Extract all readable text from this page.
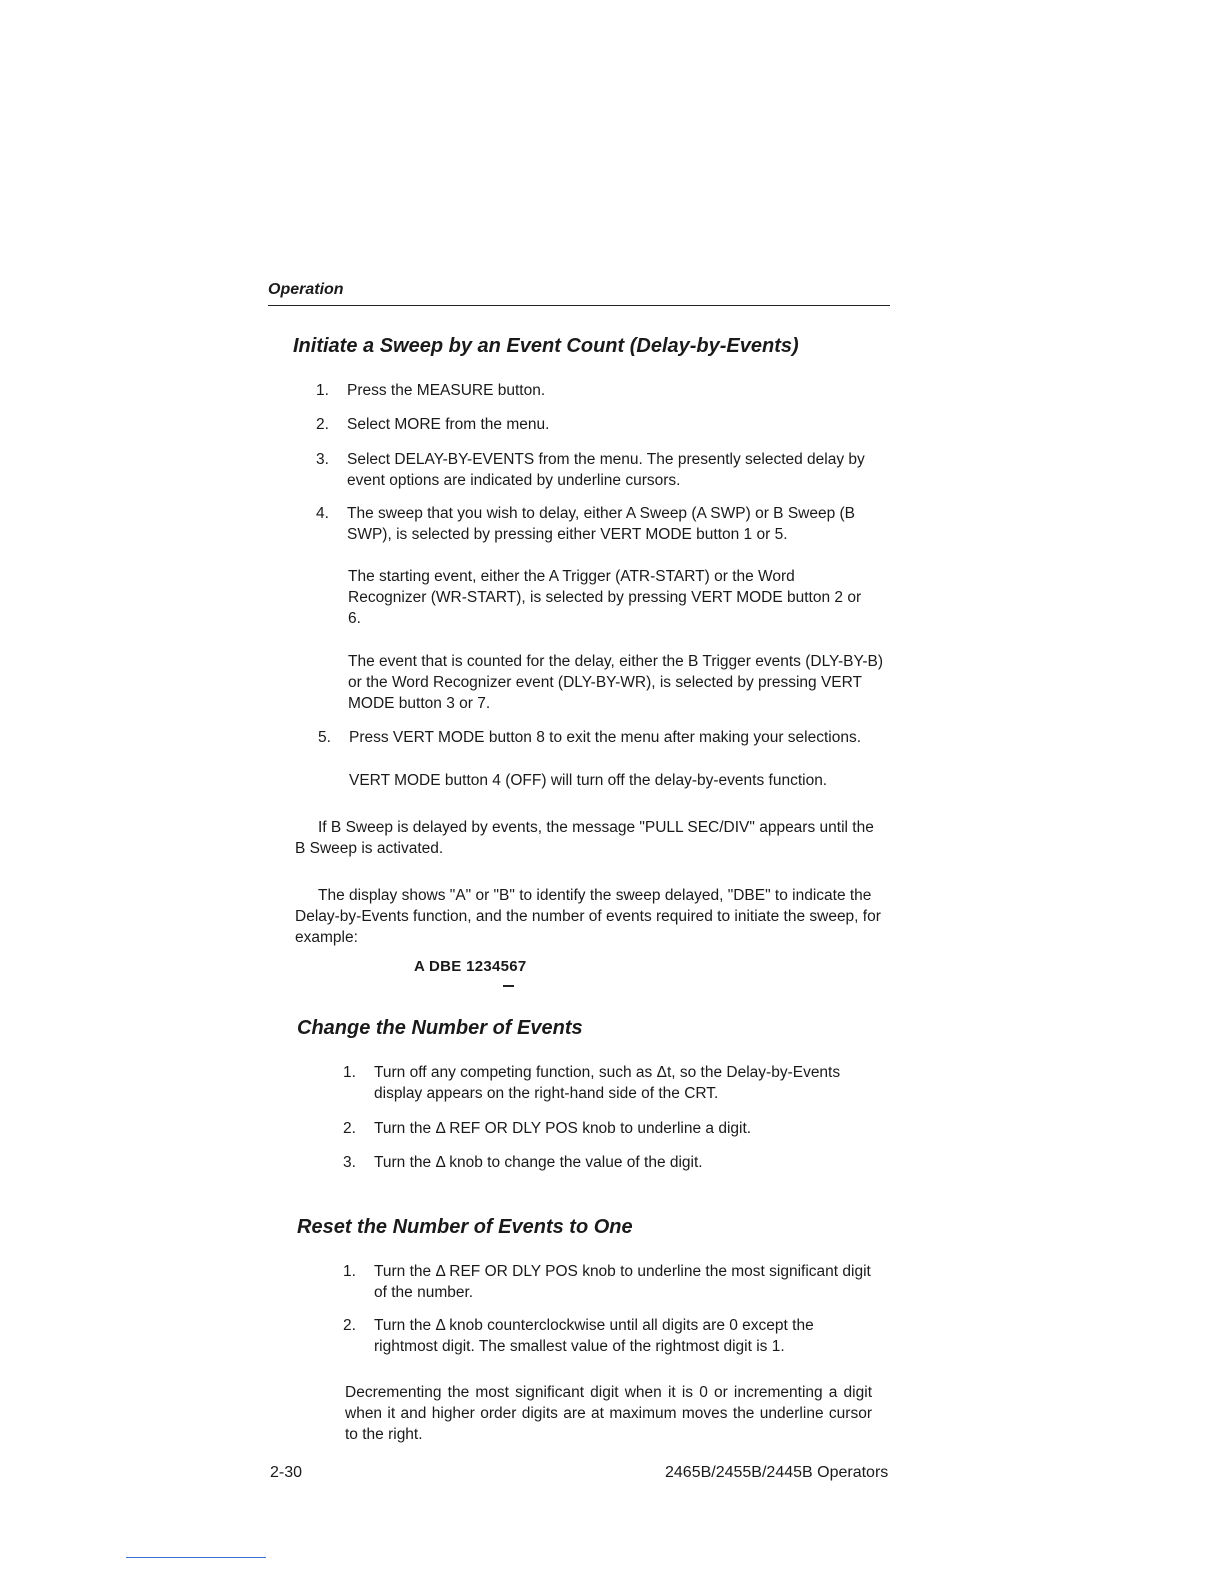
Operation
Initiate a Sweep by an Event Count (Delay-by-Events)
1. Press the MEASURE button.
2. Select MORE from the menu.
3. Select DELAY-BY-EVENTS from the menu. The presently selected delay by event options are indicated by underline cursors.
4. The sweep that you wish to delay, either A Sweep (A SWP) or B Sweep (B SWP), is selected by pressing either VERT MODE button 1 or 5.
The starting event, either the A Trigger (ATR-START) or the Word Recognizer (WR-START), is selected by pressing VERT MODE button 2 or 6.
The event that is counted for the delay, either the B Trigger events (DLY-BY-B) or the Word Recognizer event (DLY-BY-WR), is selected by pressing VERT MODE button 3 or 7.
5. Press VERT MODE button 8 to exit the menu after making your selections.
VERT MODE button 4 (OFF) will turn off the delay-by-events function.
If B Sweep is delayed by events, the message "PULL SEC/DIV" appears until the B Sweep is activated.
The display shows "A" or "B" to identify the sweep delayed, "DBE" to indicate the Delay-by-Events function, and the number of events required to initiate the sweep, for example:
A DBE 1234567
Change the Number of Events
1. Turn off any competing function, such as Δt, so the Delay-by-Events display appears on the right-hand side of the CRT.
2. Turn the Δ REF OR DLY POS knob to underline a digit.
3. Turn the Δ knob to change the value of the digit.
Reset the Number of Events to One
1. Turn the Δ REF OR DLY POS knob to underline the most significant digit of the number.
2. Turn the Δ knob counterclockwise until all digits are 0 except the rightmost digit. The smallest value of the rightmost digit is 1.
Decrementing the most significant digit when it is 0 or incrementing a digit when it and higher order digits are at maximum moves the underline cursor to the right.
2-30	2465B/2455B/2445B Operators
